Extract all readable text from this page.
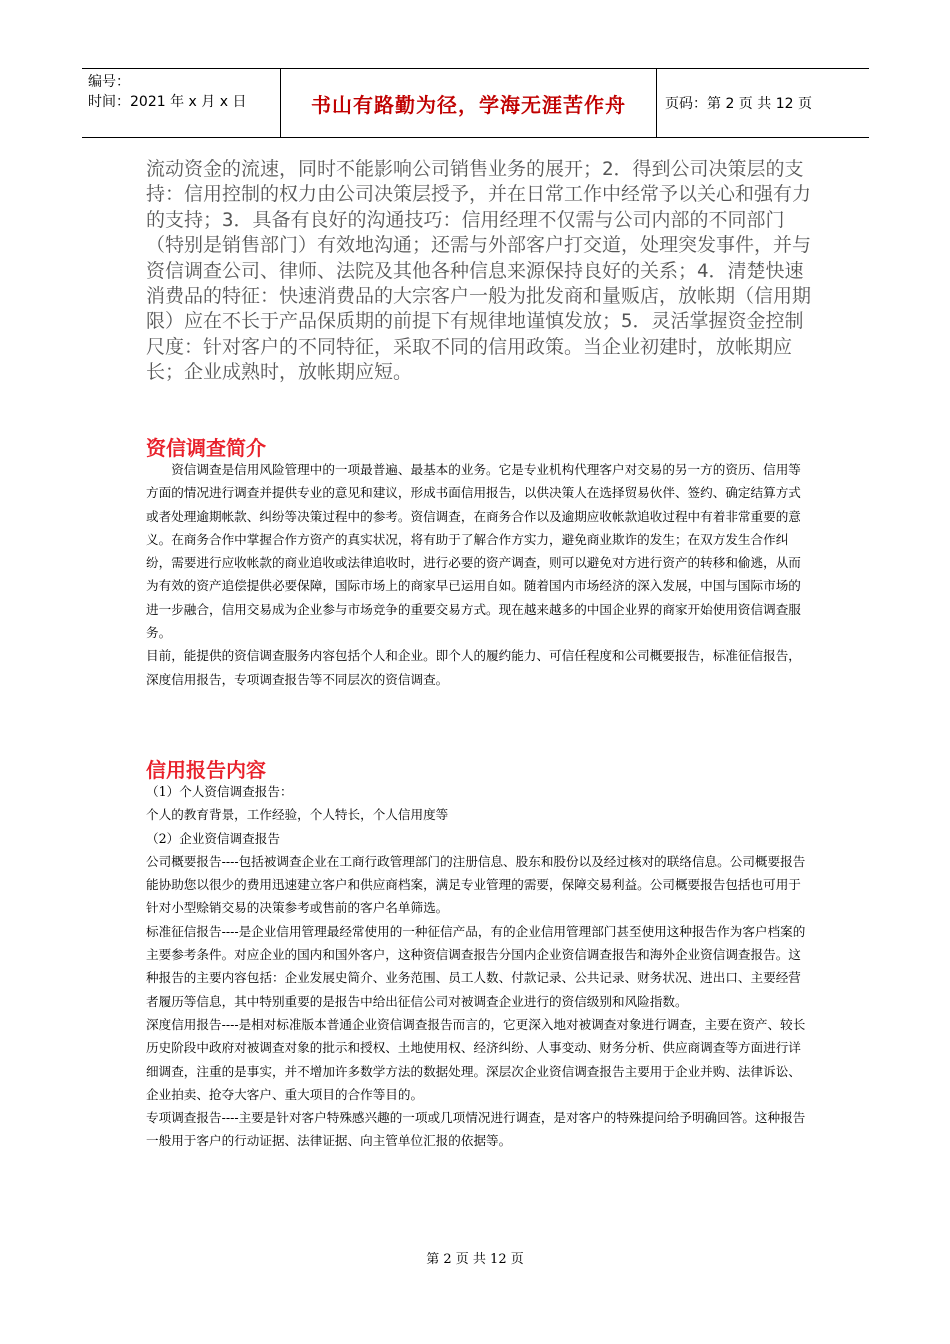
编号：
时间：2021 年 x 月 x 日	书山有路勤为径，学海无涯苦作舟	页码：第 2 页 共 12 页

流动资金的流速，同时不能影响公司销售业务的展开；2．得到公司决策层的支持：信用控制的权力由公司决策层授予，并在日常工作中经常予以关心和强有力的支持；3．具备有良好的沟通技巧：信用经理不仅需与公司内部的不同部门（特别是销售部门）有效地沟通；还需与外部客户打交道，处理突发事件，并与资信调查公司、律师、法院及其他各种信息来源保持良好的关系；4．清楚快速消费品的特征：快速消费品的大宗客户一般为批发商和量贩店，放帐期（信用期限）应在不长于产品保质期的前提下有规律地谨慎发放；5．灵活掌握资金控制尺度：针对客户的不同特征，采取不同的信用政策。当企业初建时，放帐期应长；企业成熟时，放帐期应短。

资信调查简介

资信调查是信用风险管理中的一项最普遍、最基本的业务。它是专业机构代理客户对交易的另一方的资历、信用等方面的情况进行调查并提供专业的意见和建议，形成书面信用报告，以供决策人在选择贸易伙伴、签约、确定结算方式或者处理逾期帐款、纠纷等决策过程中的参考。资信调查，在商务合作以及逾期应收帐款追收过程中有着非常重要的意义。在商务合作中掌握合作方资产的真实状况，将有助于了解合作方实力，避免商业欺诈的发生；在双方发生合作纠纷，需要进行应收帐款的商业追收或法律追收时，进行必要的资产调查，则可以避免对方进行资产的转移和偷逃，从而为有效的资产追偿提供必要保障，国际市场上的商家早已运用自如。随着国内市场经济的深入发展，中国与国际市场的进一步融合，信用交易成为企业参与市场竞争的重要交易方式。现在越来越多的中国企业界的商家开始使用资信调查服务。

目前，能提供的资信调查服务内容包括个人和企业。即个人的履约能力、可信任程度和公司概要报告，标准征信报告，深度信用报告，专项调查报告等不同层次的资信调查。

信用报告内容

（1）个人资信调查报告：

个人的教育背景，工作经验，个人特长，个人信用度等

（2）企业资信调查报告

公司概要报告----包括被调查企业在工商行政管理部门的注册信息、股东和股份以及经过核对的联络信息。公司概要报告能协助您以很少的费用迅速建立客户和供应商档案，满足专业管理的需要，保障交易利益。公司概要报告包括也可用于针对小型赊销交易的决策参考或售前的客户名单筛选。

标准征信报告----是企业信用管理最经常使用的一种征信产品，有的企业信用管理部门甚至使用这种报告作为客户档案的主要参考条件。对应企业的国内和国外客户，这种资信调查报告分国内企业资信调查报告和海外企业资信调查报告。这种报告的主要内容包括：企业发展史简介、业务范围、员工人数、付款记录、公共记录、财务状况、进出口、主要经营者履历等信息，其中特别重要的是报告中给出征信公司对被调查企业进行的资信级别和风险指数。

深度信用报告----是相对标准版本普通企业资信调查报告而言的，它更深入地对被调查对象进行调查，主要在资产、较长历史阶段中政府对被调查对象的批示和授权、土地使用权、经济纠纷、人事变动、财务分析、供应商调查等方面进行详细调查，注重的是事实，并不增加许多数学方法的数据处理。深层次企业资信调查报告主要用于企业并购、法律诉讼、企业拍卖、抢夺大客户、重大项目的合作等目的。

专项调查报告----主要是针对客户特殊感兴趣的一项或几项情况进行调查，是对客户的特殊提问给予明确回答。这种报告一般用于客户的行动证据、法律证据、向主管单位汇报的依据等。

第 2 页 共 12 页
